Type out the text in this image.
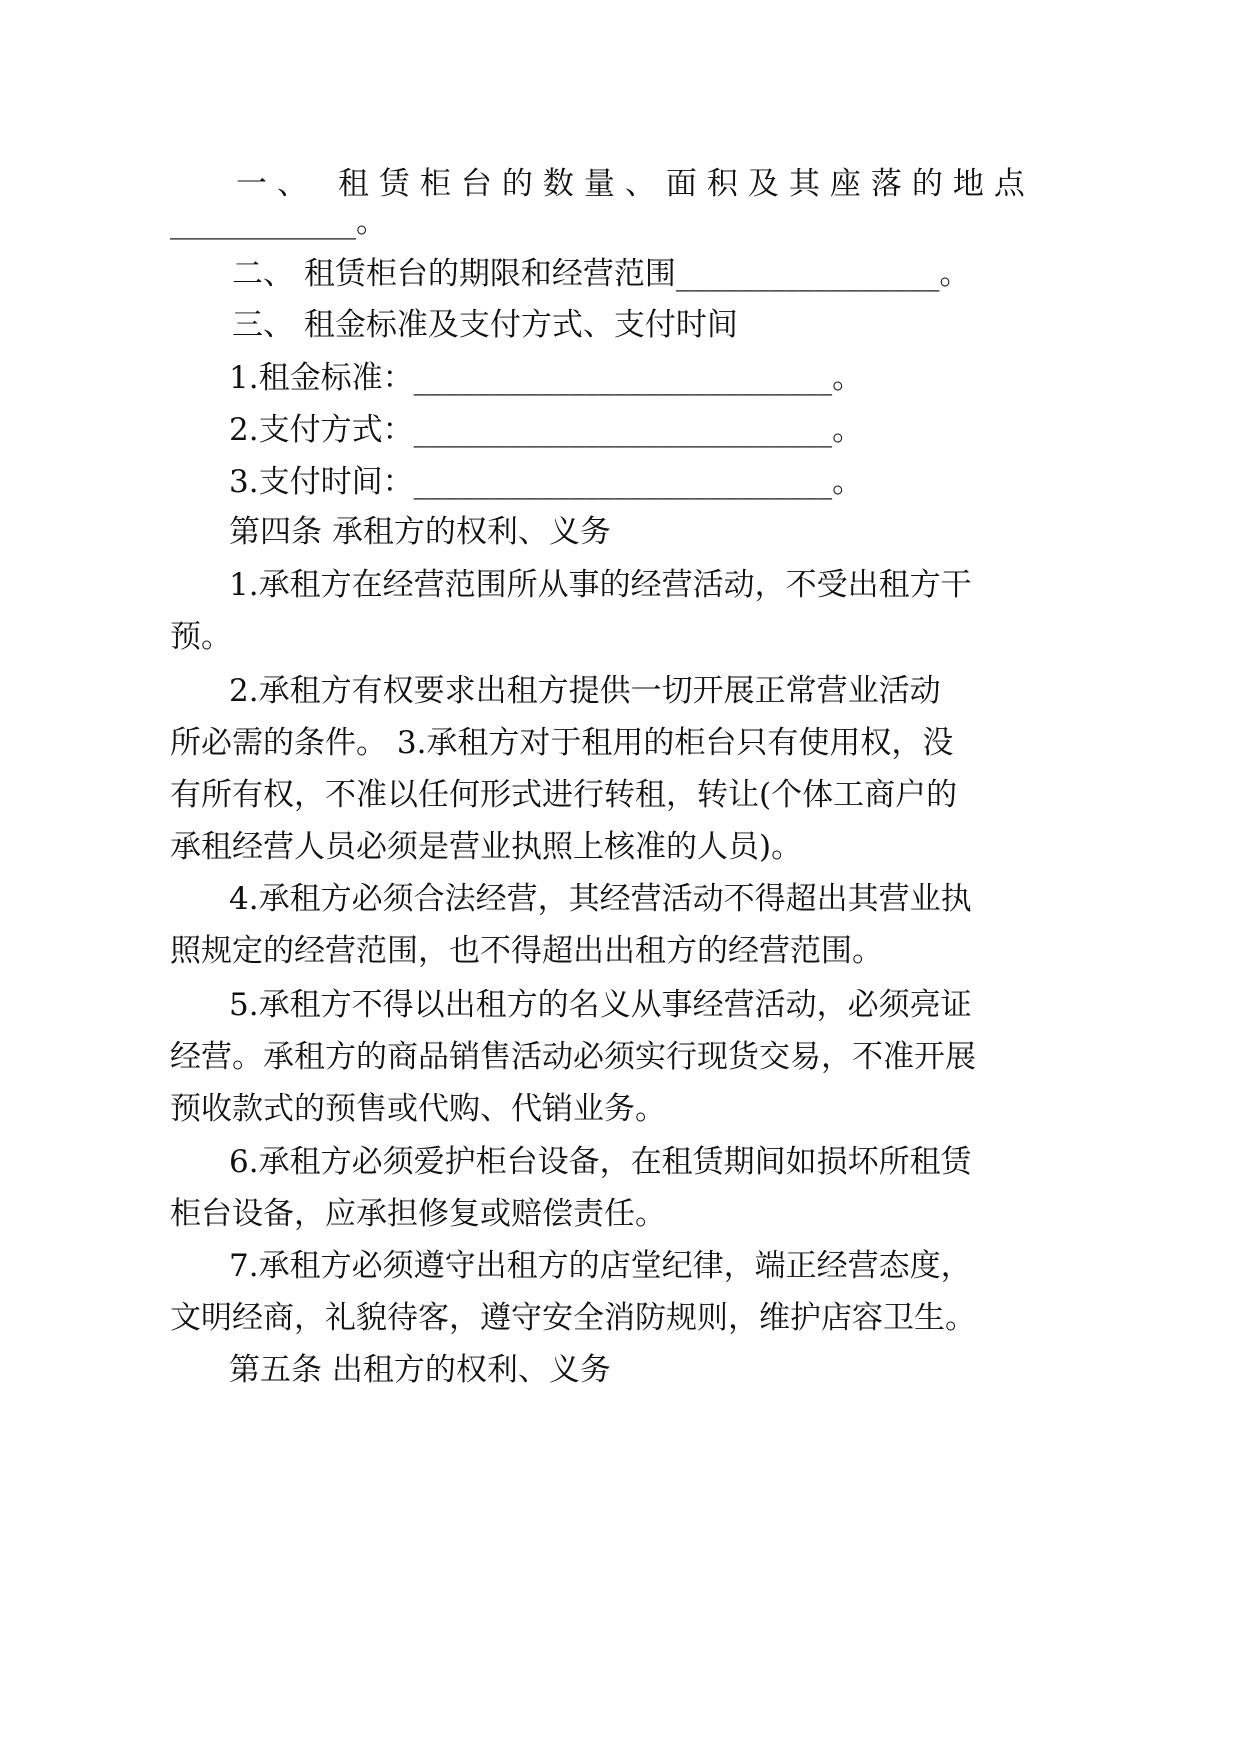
一、 租赁柜台的数量、面积及其座落的地点
____________。
二、 租赁柜台的期限和经营范围_________________。
三、 租金标准及支付方式、支付时间
1.租金标准：___________________________。
2.支付方式：___________________________。
3.支付时间：___________________________。
第四条 承租方的权利、义务
1.承租方在经营范围所从事的经营活动，不受出租方干
预。
2.承租方有权要求出租方提供一切开展正常营业活动
所必需的条件。 3.承租方对于租用的柜台只有使用权，没
有所有权，不准以任何形式进行转租，转让(个体工商户的
承租经营人员必须是营业执照上核准的人员)。
4.承租方必须合法经营，其经营活动不得超出其营业执
照规定的经营范围，也不得超出出租方的经营范围。
5.承租方不得以出租方的名义从事经营活动，必须亮证
经营。承租方的商品销售活动必须实行现货交易，不准开展
预收款式的预售或代购、代销业务。
6.承租方必须爱护柜台设备，在租赁期间如损坏所租赁
柜台设备，应承担修复或赔偿责任。
7.承租方必须遵守出租方的店堂纪律，端正经营态度，
文明经商，礼貌待客，遵守安全消防规则，维护店容卫生。
第五条 出租方的权利、义务
